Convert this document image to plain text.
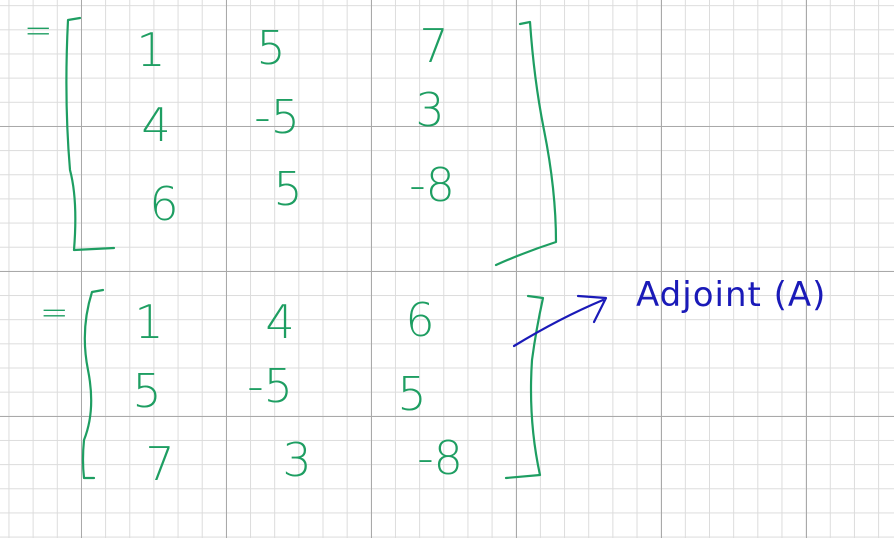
= 1 5	7
4 -5	3
6 5 -8
= 1 4 6
5 -5 5
7 3 -8
Adjoint (A)
